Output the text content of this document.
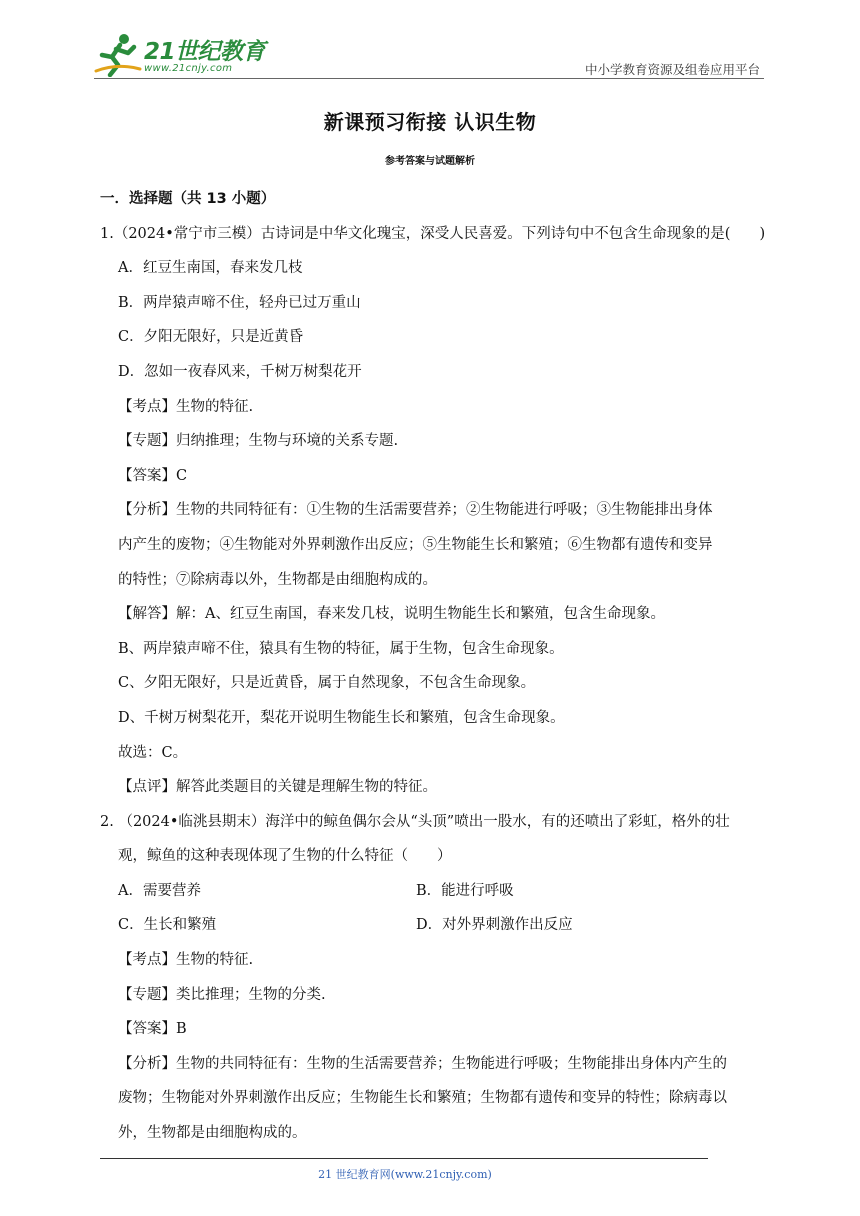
21世纪教育
www.21cnjy.com	中小学教育资源及组卷应用平台
新课预习衔接 认识生物
参考答案与试题解析
一．选择题（共 13 小题）
1.（2024•常宁市三模）古诗词是中华文化瑰宝，深受人民喜爱。下列诗句中不包含生命现象的是(　　)
A．红豆生南国，春来发几枝
B．两岸猿声啼不住，轻舟已过万重山
C．夕阳无限好，只是近黄昏
D．忽如一夜春风来，千树万树梨花开
【考点】生物的特征.
【专题】归纳推理；生物与环境的关系专题.
【答案】C
【分析】生物的共同特征有：①生物的生活需要营养；②生物能进行呼吸；③生物能排出身体
内产生的废物；④生物能对外界刺激作出反应；⑤生物能生长和繁殖；⑥生物都有遗传和变异
的特性；⑦除病毒以外，生物都是由细胞构成的。
【解答】解：A、红豆生南国，春来发几枝，说明生物能生长和繁殖，包含生命现象。
B、两岸猿声啼不住，猿具有生物的特征，属于生物，包含生命现象。
C、夕阳无限好，只是近黄昏，属于自然现象，不包含生命现象。
D、千树万树梨花开，梨花开说明生物能生长和繁殖，包含生命现象。
故选：C。
【点评】解答此类题目的关键是理解生物的特征。
2. （2024•临洮县期末）海洋中的鲸鱼偶尔会从“头顶”喷出一股水，有的还喷出了彩虹，格外的壮
观，鲸鱼的这种表现体现了生物的什么特征（　　）
A．需要营养	B．能进行呼吸
C．生长和繁殖	D．对外界刺激作出反应
【考点】生物的特征.
【专题】类比推理；生物的分类.
【答案】B
【分析】生物的共同特征有：生物的生活需要营养；生物能进行呼吸；生物能排出身体内产生的
废物；生物能对外界刺激作出反应；生物能生长和繁殖；生物都有遗传和变异的特性；除病毒以
外，生物都是由细胞构成的。
21 世纪教育网(www.21cnjy.com)
